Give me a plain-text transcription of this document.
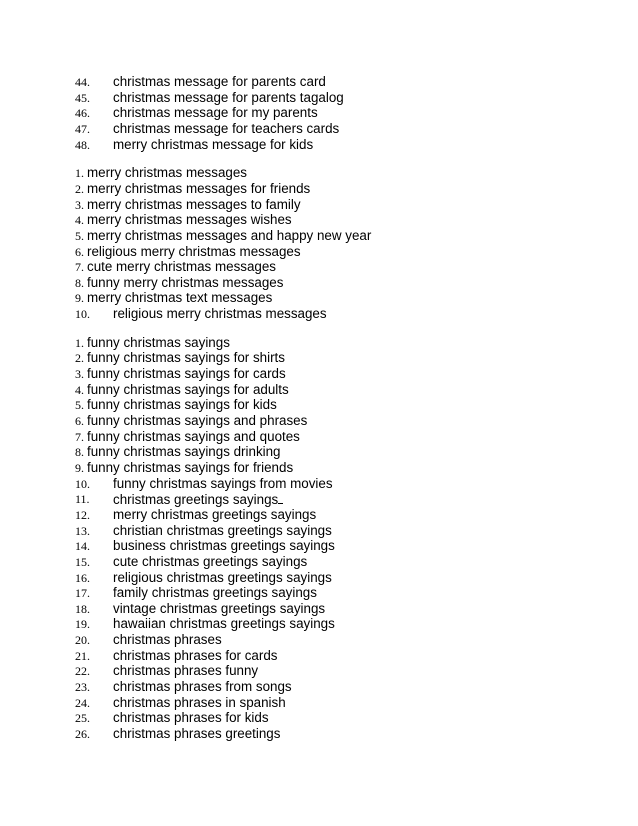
44. christmas message for parents card
45. christmas message for parents tagalog
46. christmas message for my parents
47. christmas message for teachers cards
48. merry christmas message for kids
1. merry christmas messages
2. merry christmas messages for friends
3. merry christmas messages to family
4. merry christmas messages wishes
5. merry christmas messages and happy new year
6. religious merry christmas messages
7. cute merry christmas messages
8. funny merry christmas messages
9. merry christmas text messages
10. religious merry christmas messages
1. funny christmas sayings
2. funny christmas sayings for shirts
3. funny christmas sayings for cards
4. funny christmas sayings for adults
5. funny christmas sayings for kids
6. funny christmas sayings and phrases
7. funny christmas sayings and quotes
8. funny christmas sayings drinking
9. funny christmas sayings for friends
10. funny christmas sayings from movies
11. christmas greetings sayings
12. merry christmas greetings sayings
13. christian christmas greetings sayings
14. business christmas greetings sayings
15. cute christmas greetings sayings
16. religious christmas greetings sayings
17. family christmas greetings sayings
18. vintage christmas greetings sayings
19. hawaiian christmas greetings sayings
20. christmas phrases
21. christmas phrases for cards
22. christmas phrases funny
23. christmas phrases from songs
24. christmas phrases in spanish
25. christmas phrases for kids
26. christmas phrases greetings
